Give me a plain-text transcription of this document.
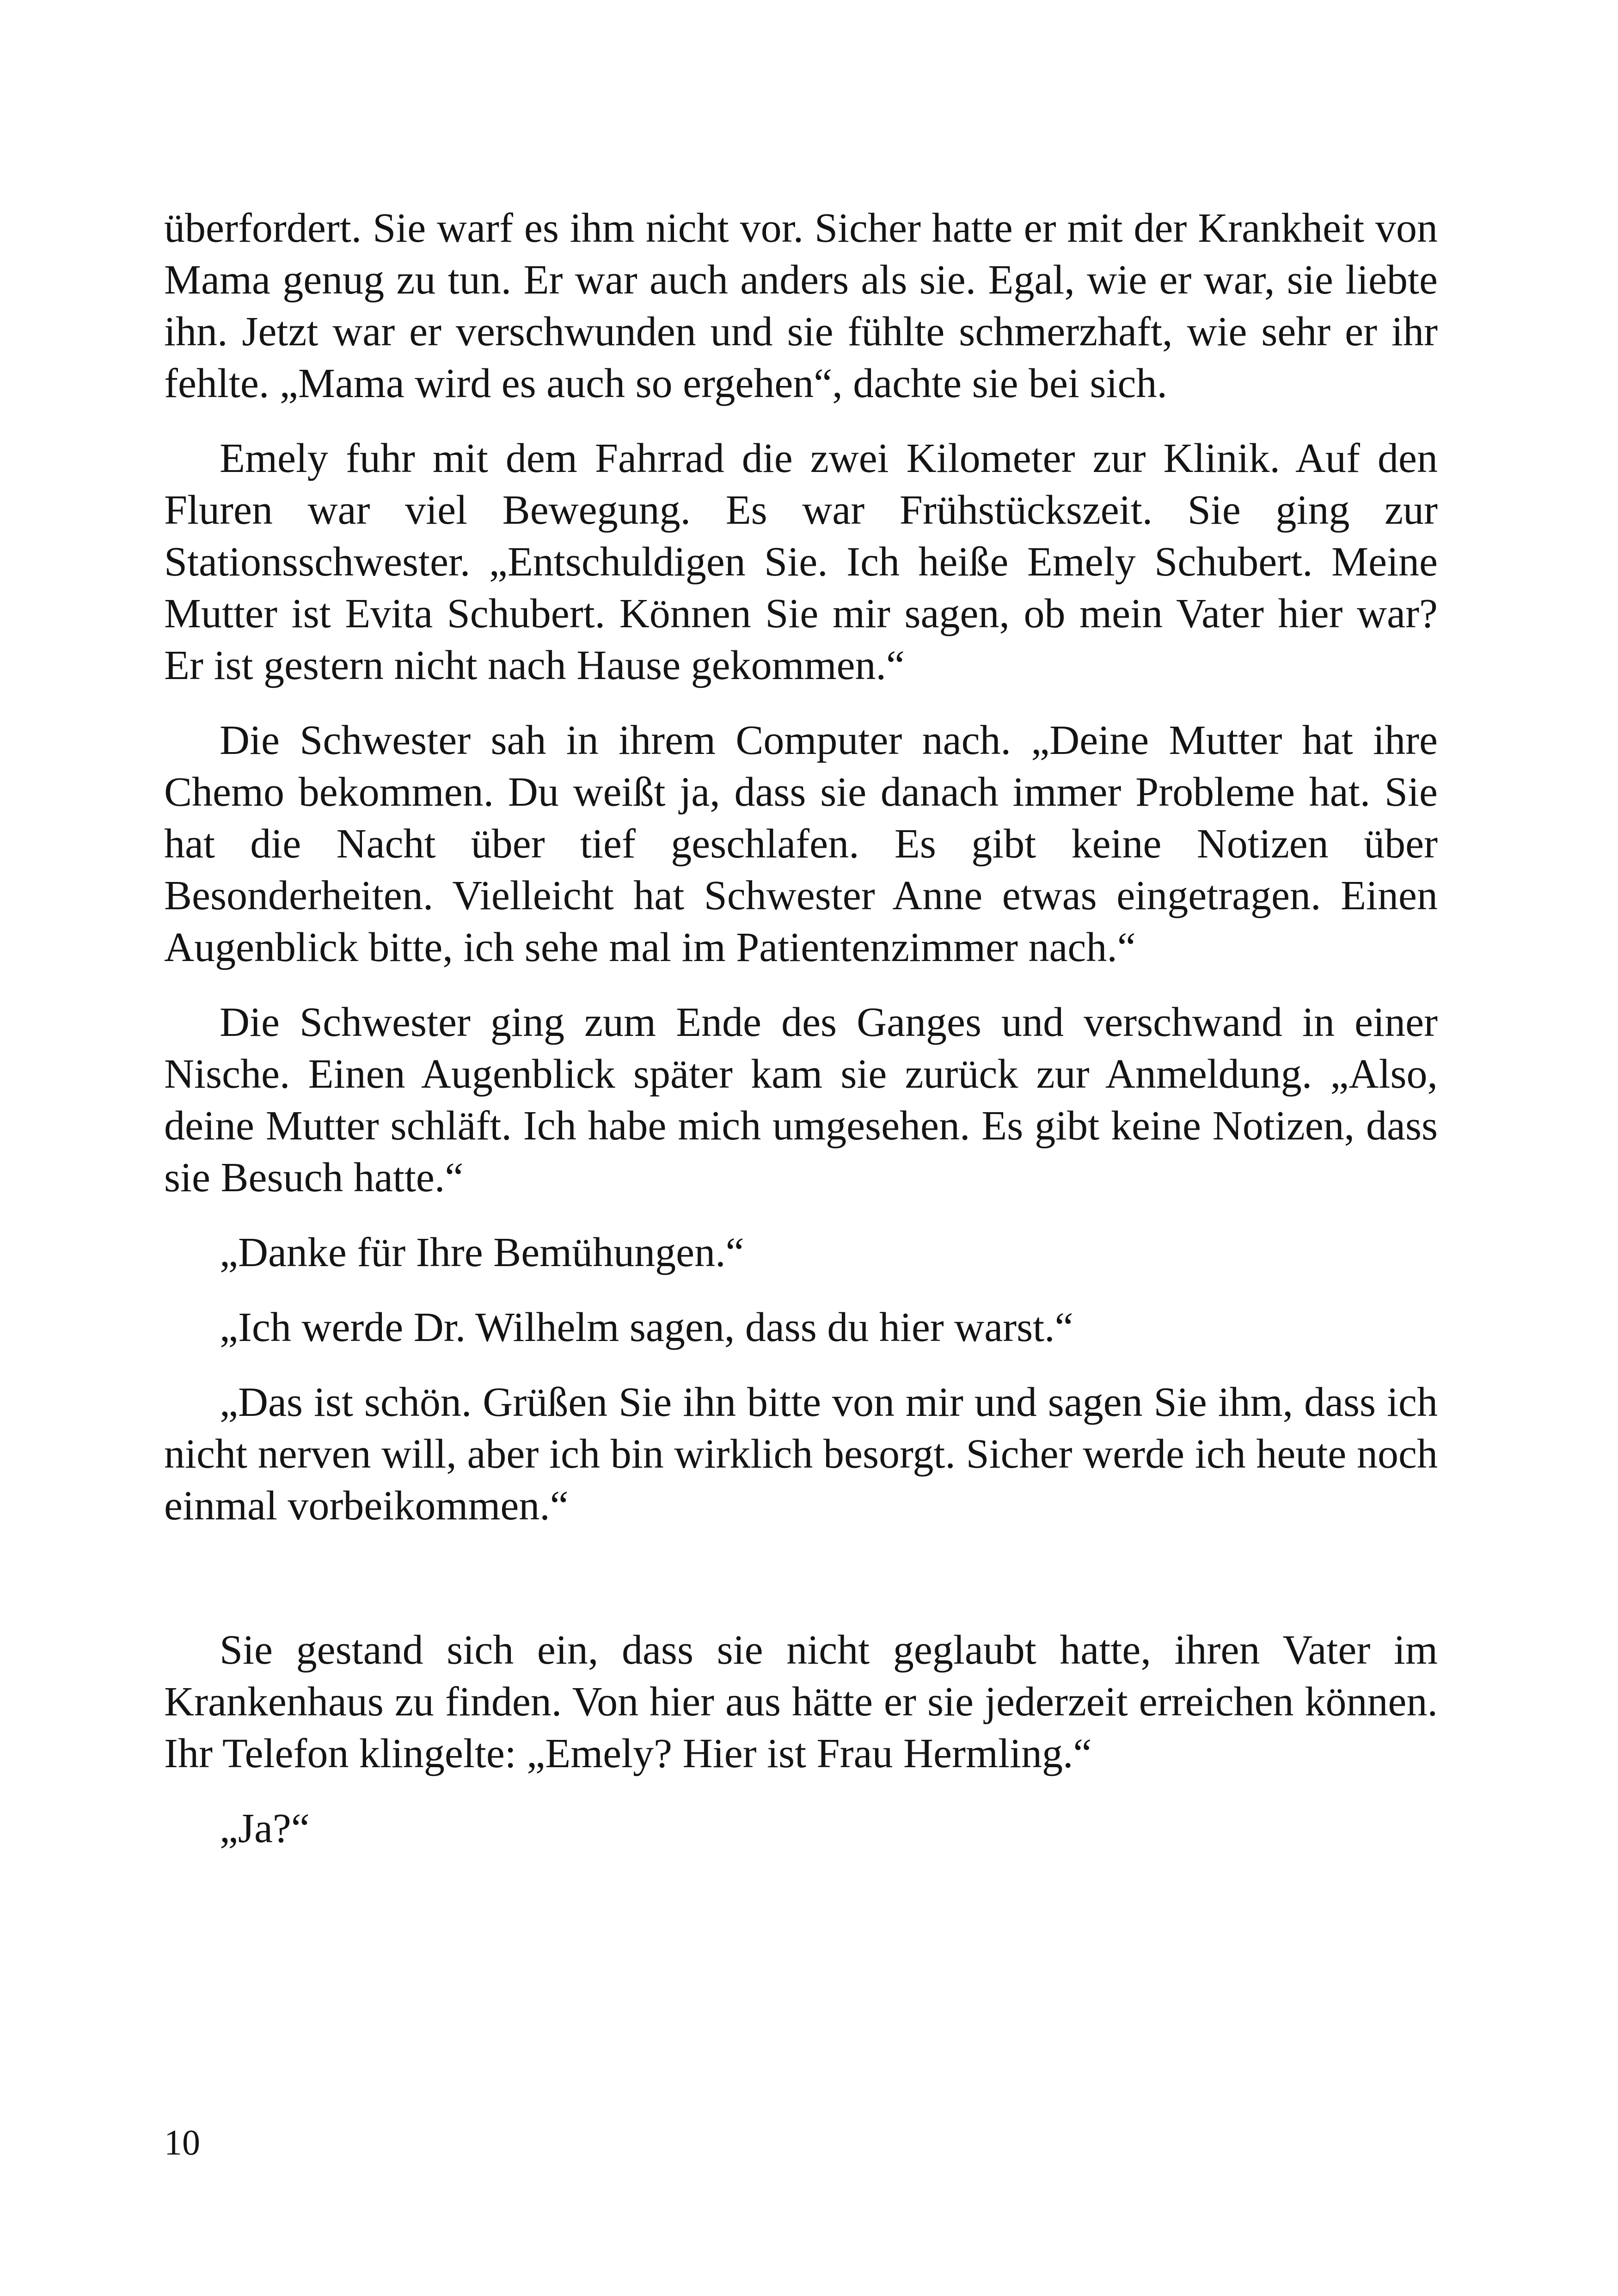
überfordert. Sie warf es ihm nicht vor. Sicher hatte er mit der Krankheit von Mama genug zu tun. Er war auch anders als sie. Egal, wie er war, sie liebte ihn. Jetzt war er verschwunden und sie fühlte schmerzhaft, wie sehr er ihr fehlte. „Mama wird es auch so ergehen“, dachte sie bei sich.

Emely fuhr mit dem Fahrrad die zwei Kilometer zur Klinik. Auf den Fluren war viel Bewegung. Es war Frühstückszeit. Sie ging zur Stationsschwester. „Entschuldigen Sie. Ich heiße Emely Schubert. Meine Mutter ist Evita Schubert. Können Sie mir sagen, ob mein Vater hier war? Er ist gestern nicht nach Hause gekommen.“

Die Schwester sah in ihrem Computer nach. „Deine Mutter hat ihre Chemo bekommen. Du weißt ja, dass sie danach immer Probleme hat. Sie hat die Nacht über tief geschlafen. Es gibt keine Notizen über Besonderheiten. Vielleicht hat Schwester Anne etwas eingetragen. Einen Augenblick bitte, ich sehe mal im Patientenzimmer nach.“

Die Schwester ging zum Ende des Ganges und verschwand in einer Nische. Einen Augenblick später kam sie zurück zur Anmeldung. „Also, deine Mutter schläft. Ich habe mich umgesehen. Es gibt keine Notizen, dass sie Besuch hatte.“

„Danke für Ihre Bemühungen.“

„Ich werde Dr. Wilhelm sagen, dass du hier warst.“

„Das ist schön. Grüßen Sie ihn bitte von mir und sagen Sie ihm, dass ich nicht nerven will, aber ich bin wirklich besorgt. Sicher werde ich heute noch einmal vorbeikommen.“

Sie gestand sich ein, dass sie nicht geglaubt hatte, ihren Vater im Krankenhaus zu finden. Von hier aus hätte er sie jederzeit erreichen können. Ihr Telefon klingelte: „Emely? Hier ist Frau Hermling.“

„Ja?“

10
